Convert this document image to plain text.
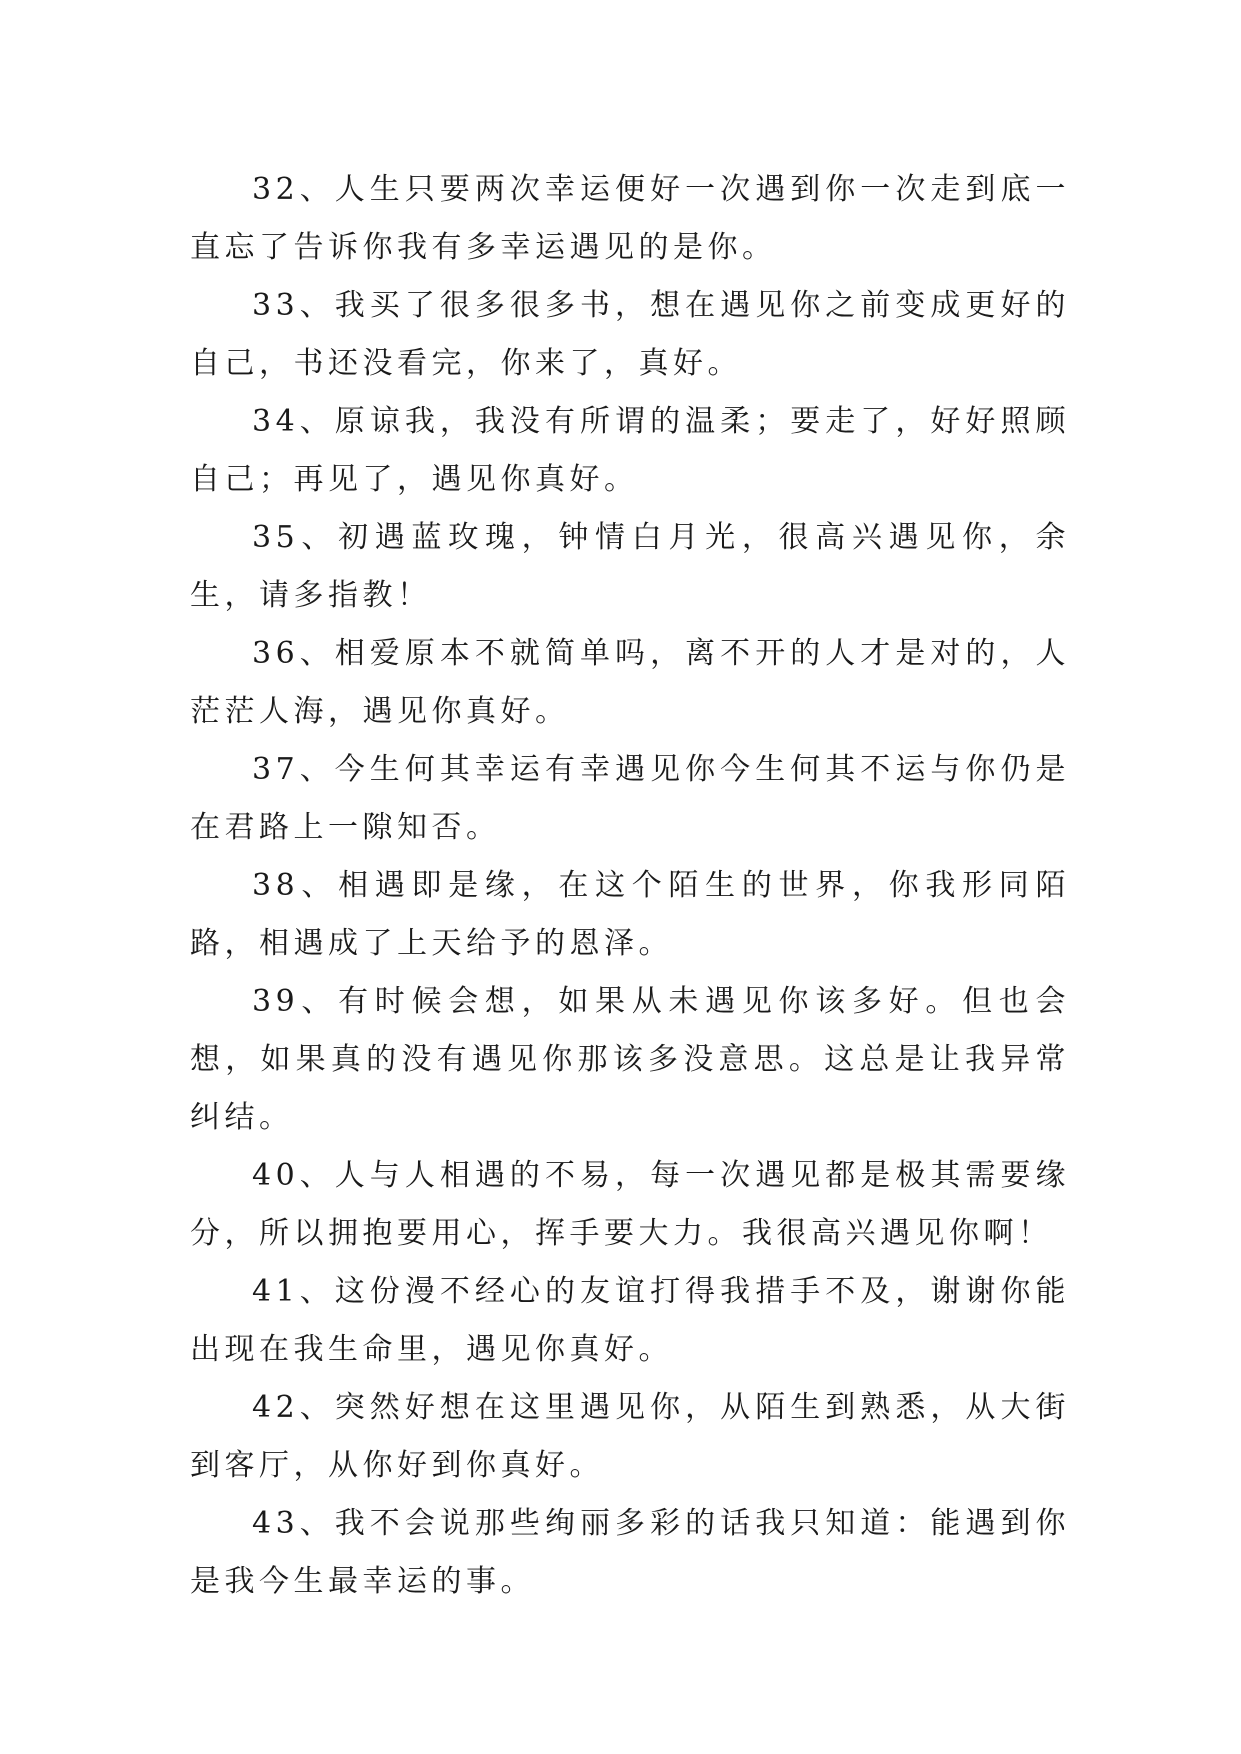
32、人生只要两次幸运便好一次遇到你一次走到底一直忘了告诉你我有多幸运遇见的是你。

33、我买了很多很多书，想在遇见你之前变成更好的自己，书还没看完，你来了，真好。

34、原谅我，我没有所谓的温柔；要走了，好好照顾自己；再见了，遇见你真好。

35、初遇蓝玫瑰，钟情白月光，很高兴遇见你，余生，请多指教！

36、相爱原本不就简单吗，离不开的人才是对的，人茫茫人海，遇见你真好。

37、今生何其幸运有幸遇见你今生何其不运与你仍是在君路上一隙知否。

38、相遇即是缘，在这个陌生的世界，你我形同陌路，相遇成了上天给予的恩泽。

39、有时候会想，如果从未遇见你该多好。但也会想，如果真的没有遇见你那该多没意思。这总是让我异常纠结。

40、人与人相遇的不易，每一次遇见都是极其需要缘分，所以拥抱要用心，挥手要大力。我很高兴遇见你啊！

41、这份漫不经心的友谊打得我措手不及，谢谢你能出现在我生命里，遇见你真好。

42、突然好想在这里遇见你，从陌生到熟悉，从大街到客厅，从你好到你真好。

43、我不会说那些绚丽多彩的话我只知道：能遇到你是我今生最幸运的事。
